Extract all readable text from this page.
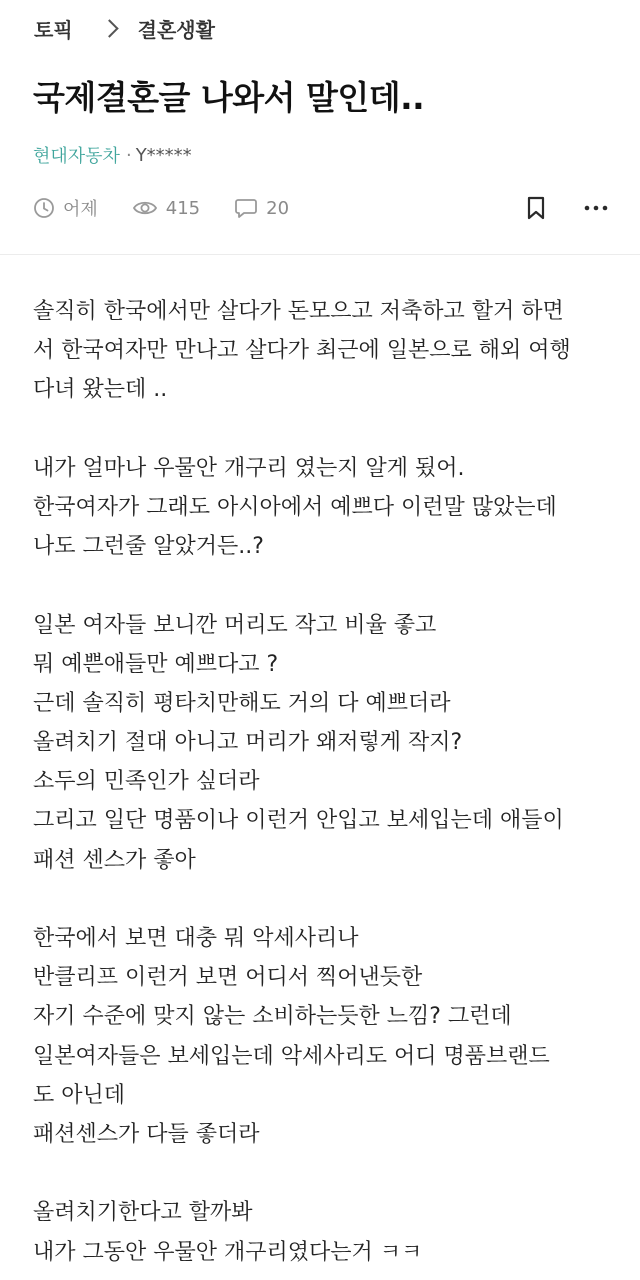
토픽	결혼생활
국제결혼글 나와서 말인데..
현대자동차 · Y*****
어제	415	20
솔직히 한국에서만 살다가 돈모으고 저축하고 할거 하면
서 한국여자만 만나고 살다가 최근에 일본으로 해외 여행
다녀 왔는데 ..
내가 얼마나 우물안 개구리 였는지 알게 됬어.
한국여자가 그래도 아시아에서 예쁘다 이런말 많았는데
나도 그런줄 알았거든..?
일본 여자들 보니깐 머리도 작고 비율 좋고
뭐 예쁜애들만 예쁘다고 ?
근데 솔직히 평타치만해도 거의 다 예쁘더라
올려치기 절대 아니고 머리가 왜저렇게 작지?
소두의 민족인가 싶더라
그리고 일단 명품이나 이런거 안입고 보세입는데 애들이
패션 센스가 좋아
한국에서 보면 대충 뭐 악세사리나
반클리프 이런거 보면 어디서 찍어낸듯한
자기 수준에 맞지 않는 소비하는듯한 느낌? 그런데
일본여자들은 보세입는데 악세사리도 어디 명품브랜드
도 아닌데
패션센스가 다들 좋더라
올려치기한다고 할까봐
내가 그동안 우물안 개구리였다는거 ㅋㅋ
